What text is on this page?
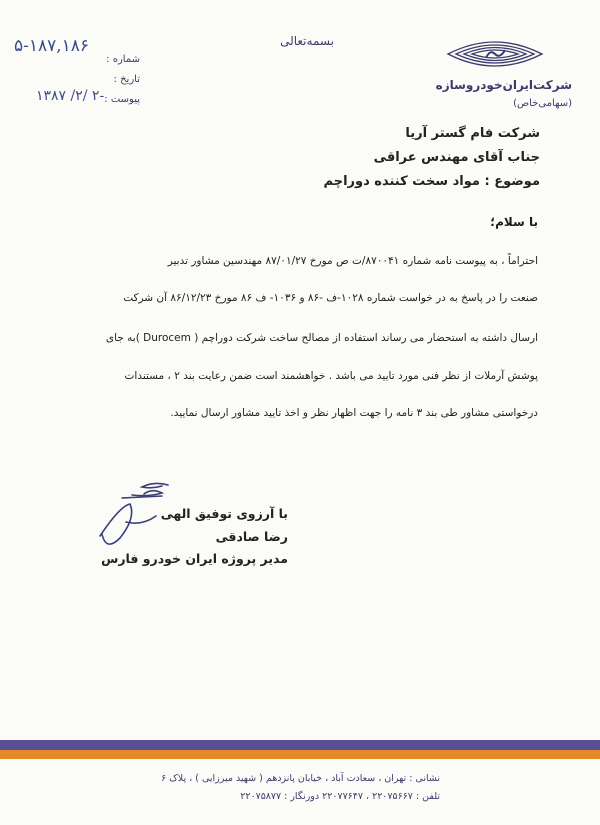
بسمه‌تعالی
۵-۱۸۷,۱۸۶
۱۳۸۷ /۲/ ۲-
شماره :
تاریخ :
پیوست :
شرکت‌ایران‌خودروسازه
(سهامی‌خاص)
شرکت فام گستر آریا
جناب آقای مهندس عراقی
موضوع : مواد سخت کننده دوراچم
با سلام؛
احتراماً ، به پیوست نامه شماره ۸۷۰۰۴۱/ت ص مورخ ۸۷/۰۱/۲۷ مهندسین مشاور تدبیر
صنعت را در پاسخ به در خواست شماره ۱۰۲۸-ف -۸۶ و ۱۰۳۶- ف ۸۶ مورخ ۸۶/۱۲/۲۳ آن شرکت
ارسال داشته به استحضار می رساند استفاده از مصالح ساخت شرکت دوراچم ( Durocem )به جای
پوشش آرملات از نظر فنی مورد تایید می باشد . خواهشمند است ضمن رعایت بند ۲ ، مستندات
درخواستی مشاور طی بند ۳ نامه را جهت اظهار نظر و اخذ تایید مشاور ارسال نمایید.
با آرزوی توفیق الهی
رضا صادقی
مدیر پروژه ایران خودرو فارس
نشانی : تهران ، سعادت آباد ، خیابان پانزدهم ( شهید میرزایی ) ، پلاک ۶
تلفن : ۲۲۰۷۵۶۶۷ ، ۲۲۰۷۷۶۴۷ دورنگار : ۲۲۰۷۵۸۷۷
